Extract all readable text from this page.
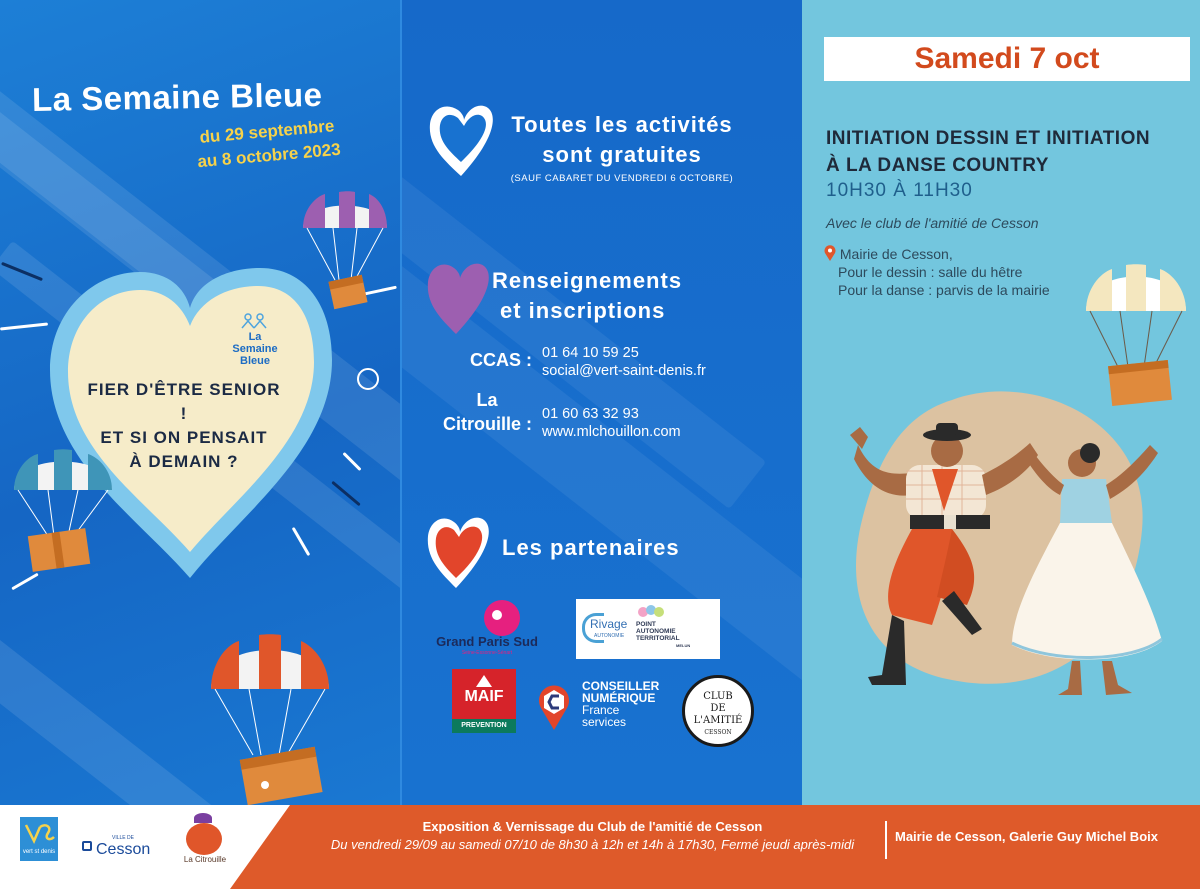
La Semaine Bleue
du 29 septembre
au 8 octobre 2023
La
Semaine
Bleue
FIER D'ÊTRE SENIOR !
ET SI ON PENSAIT
À DEMAIN ?
Toutes les activités
sont gratuites
(SAUF CABARET DU VENDREDI 6 OCTOBRE)
Renseignements
et inscriptions
CCAS : 01 64 10 59 25
social@vert-saint-denis.fr
La
Citrouille : 01 60 63 32 93
www.mlchouillon.com
Les partenaires
Grand Paris Sud
Seine-Essonne-Sénart
Rivage
AUTONOMIE
POINT
AUTONOMIE
TERRITORIAL
MELUN
MAIF
PREVENTION
CONSEILLER
NUMÉRIQUE
France
services
CLUB
DE L'AMITIÉ
CESSON
Samedi 7 oct
INITIATION DESSIN ET INITIATION
À LA DANSE COUNTRY
10H30 À 11H30
Avec le club de l'amitié de Cesson
Mairie de Cesson,
Pour le dessin : salle du hêtre
Pour la danse : parvis de la mairie
vert st denis
VILLE DE
Cesson
La Citrouille
Exposition & Vernissage du Club de l'amitié de Cesson
Du vendredi 29/09 au samedi 07/10 de 8h30 à 12h et 14h à 17h30, Fermé jeudi après-midi
Mairie de Cesson, Galerie Guy Michel Boix
